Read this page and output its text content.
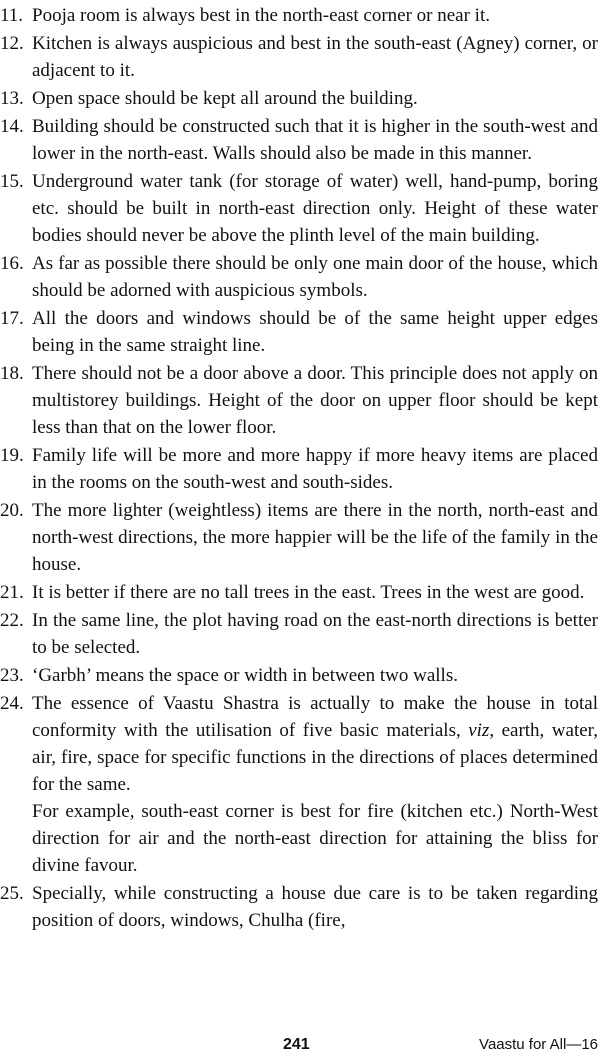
11. Pooja room is always best in the north-east corner or near it.
12. Kitchen is always auspicious and best in the south-east (Agney) corner, or adjacent to it.
13. Open space should be kept all around the building.
14. Building should be constructed such that it is higher in the south-west and lower in the north-east. Walls should also be made in this manner.
15. Underground water tank (for storage of water) well, hand-pump, boring etc. should be built in north-east direction only. Height of these water bodies should never be above the plinth level of the main building.
16. As far as possible there should be only one main door of the house, which should be adorned with auspicious symbols.
17. All the doors and windows should be of the same height upper edges being in the same straight line.
18. There should not be a door above a door. This principle does not apply on multistorey buildings. Height of the door on upper floor should be kept less than that on the lower floor.
19. Family life will be more and more happy if more heavy items are placed in the rooms on the south-west and south-sides.
20. The more lighter (weightless) items are there in the north, north-east and north-west directions, the more happier will be the life of the family in the house.
21. It is better if there are no tall trees in the east. Trees in the west are good.
22. In the same line, the plot having road on the east-north directions is better to be selected.
23. ‘Garbh’ means the space or width in between two walls.
24. The essence of Vaastu Shastra is actually to make the house in total conformity with the utilisation of five basic materials, viz, earth, water, air, fire, space for specific functions in the directions of places determined for the same.
For example, south-east corner is best for fire (kitchen etc.) North-West direction for air and the north-east direction for attaining the bliss for divine favour.
25. Specially, while constructing a house due care is to be taken regarding position of doors, windows, Chulha (fire,
241	Vaastu for All—16
